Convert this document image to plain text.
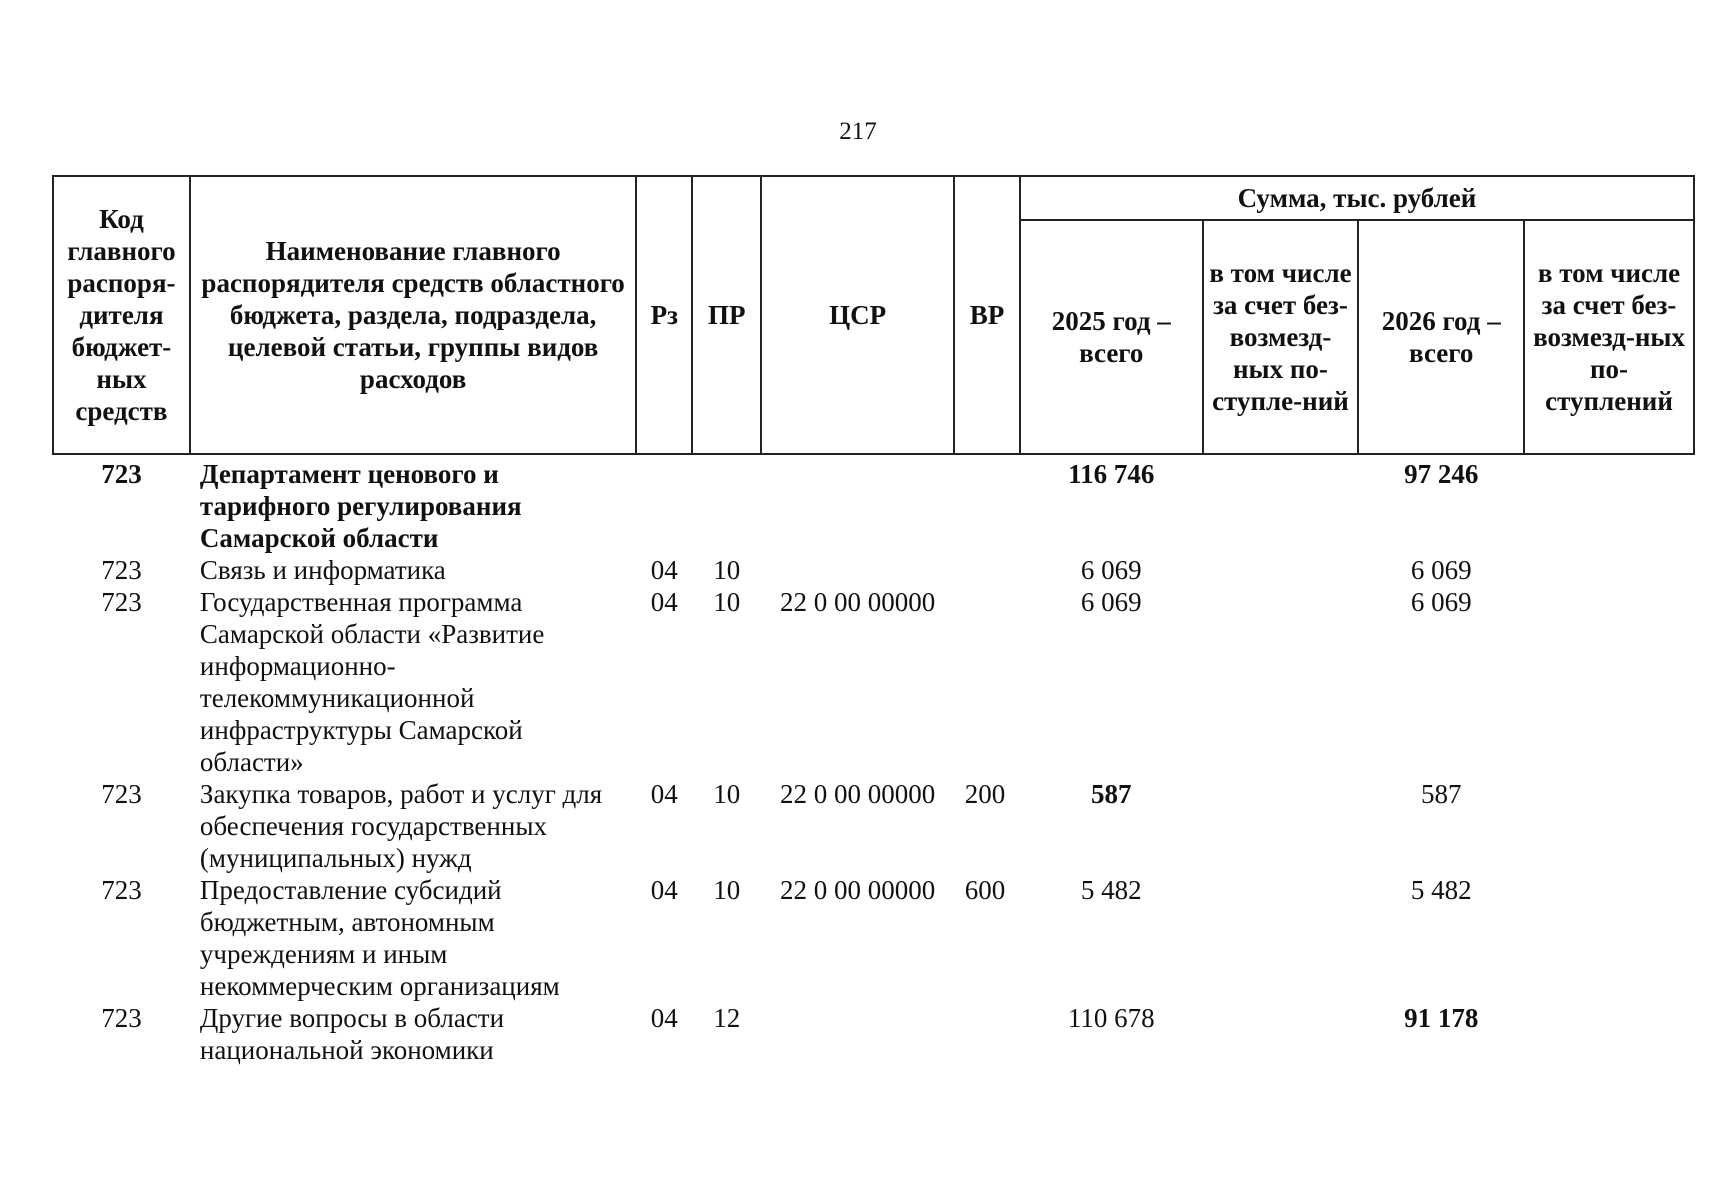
217
Код главного распоря-дителя бюджет-ных средств	Наименование главного распорядителя средств областного бюджета, раздела, подраздела, целевой статьи, группы видов расходов	Рз	ПР	ЦСР	ВР	Сумма, тыс. рублей			
						2025 год – всего	в том числе за счет без-возмезд-ных по-ступле-ний	2026 год – всего	в том числе за счет без-возмезд-ных по-ступлений
723	Департамент ценового и тарифного регулирования Самарской области					116 746		97 246	
723	Связь и информатика	04	10			6 069		6 069	
723	Государственная программа Самарской области «Развитие информационно-телекоммуникационной инфраструктуры Самарской области»	04	10	22 0 00 00000		6 069		6 069	
723	Закупка товаров, работ и услуг для обеспечения государственных (муниципальных) нужд	04	10	22 0 00 00000	200	587		587	
723	Предоставление субсидий бюджетным, автономным учреждениям и иным некоммерческим организациям	04	10	22 0 00 00000	600	5 482		5 482	
723	Другие вопросы в области национальной экономики	04	12			110 678		91 178	
